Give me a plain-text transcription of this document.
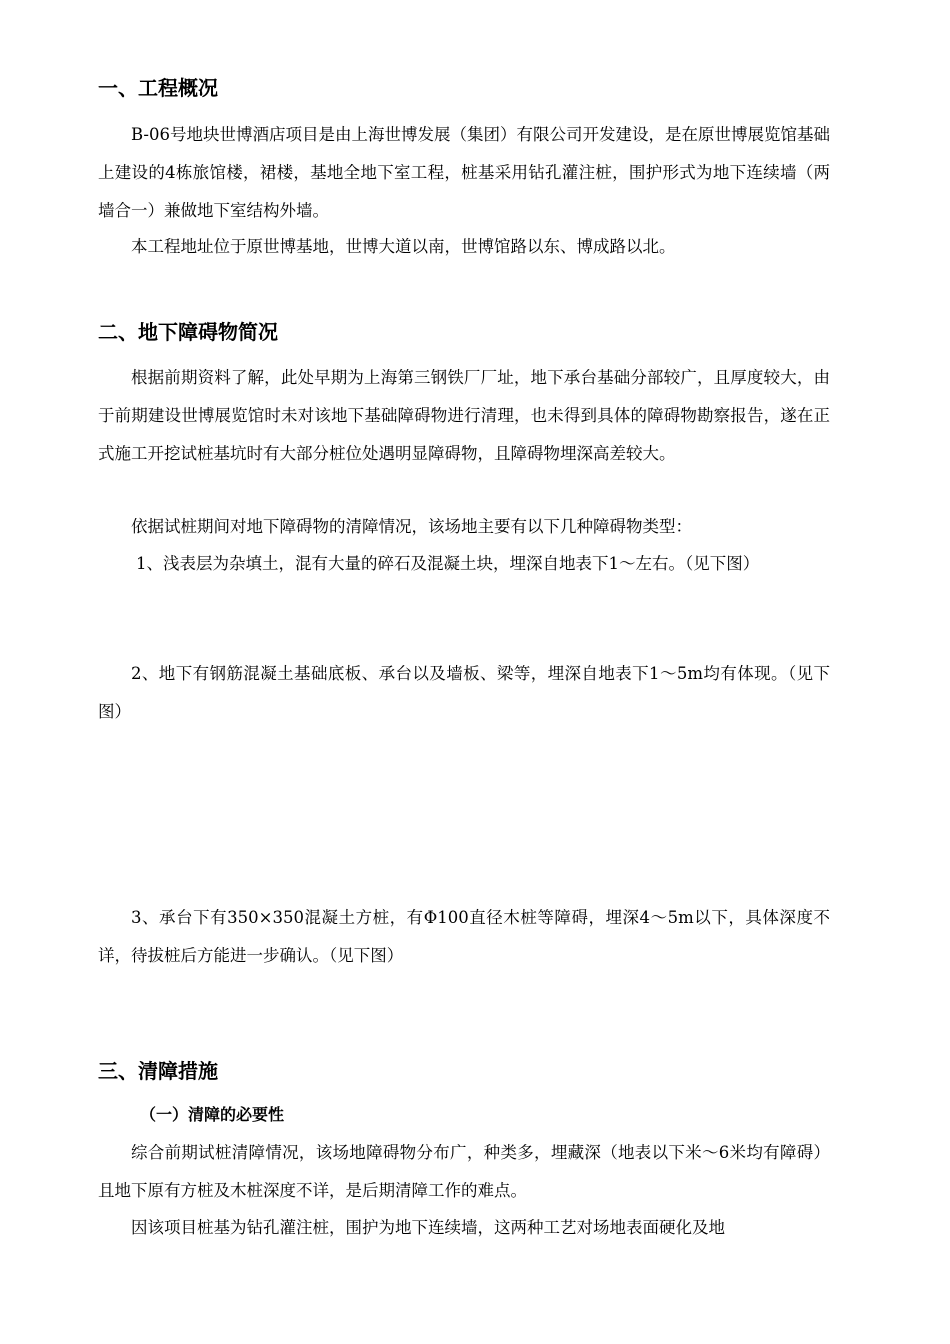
一、工程概况

B-06号地块世博酒店项目是由上海世博发展（集团）有限公司开发建设，是在原世博展览馆基础上建设的4栋旅馆楼，裙楼，基地全地下室工程，桩基采用钻孔灌注桩，围护形式为地下连续墙（两墙合一）兼做地下室结构外墙。

本工程地址位于原世博基地，世博大道以南，世博馆路以东、博成路以北。

二、地下障碍物简况

根据前期资料了解，此处早期为上海第三钢铁厂厂址，地下承台基础分部较广，且厚度较大，由于前期建设世博展览馆时未对该地下基础障碍物进行清理，也未得到具体的障碍物勘察报告，遂在正式施工开挖试桩基坑时有大部分桩位处遇明显障碍物，且障碍物埋深高差较大。

依据试桩期间对地下障碍物的清障情况，该场地主要有以下几种障碍物类型：

1、浅表层为杂填土，混有大量的碎石及混凝土块，埋深自地表下1～左右。（见下图）

2、地下有钢筋混凝土基础底板、承台以及墙板、梁等，埋深自地表下1～5m均有体现。（见下图）

3、承台下有350×350混凝土方桩，有Φ100直径木桩等障碍，埋深4～5m以下，具体深度不详，待拔桩后方能进一步确认。（见下图）

三、清障措施
（一）清障的必要性

综合前期试桩清障情况，该场地障碍物分布广，种类多，埋藏深（地表以下米～6米均有障碍）且地下原有方桩及木桩深度不详，是后期清障工作的难点。

因该项目桩基为钻孔灌注桩，围护为地下连续墙，这两种工艺对场地表面硬化及地
